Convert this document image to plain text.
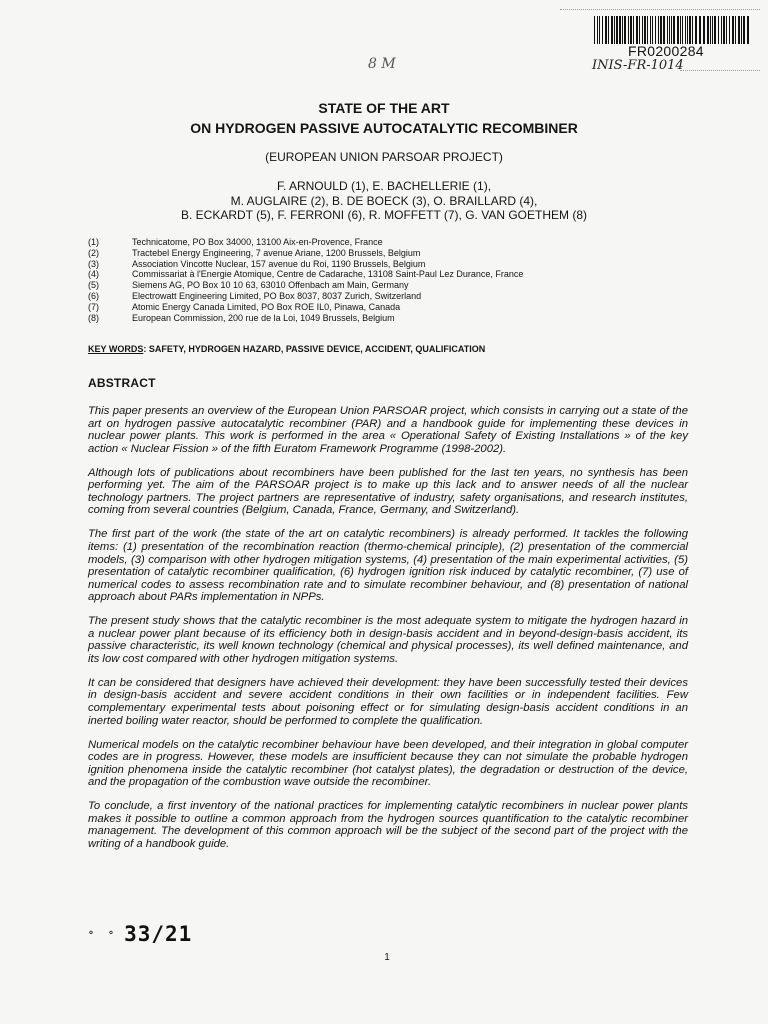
FR0200284
INIS-FR-1014
8 M
STATE OF THE ART
ON HYDROGEN PASSIVE AUTOCATALYTIC RECOMBINER
(EUROPEAN UNION PARSOAR PROJECT)
F. ARNOULD (1), E. BACHELLERIE (1),
M. AUGLAIRE (2), B. DE BOECK (3), O. BRAILLARD (4),
B. ECKARDT (5), F. FERRONI (6), R. MOFFETT (7), G. VAN GOETHEM (8)
(1)	Technicatome, PO Box 34000, 13100 Aix-en-Provence, France
(2)	Tractebel Energy Engineering, 7 avenue Ariane, 1200 Brussels, Belgium
(3)	Association Vincotte Nuclear, 157 avenue du Roi, 1190 Brussels, Belgium
(4)	Commissariat à l'Energie Atomique, Centre de Cadarache, 13108 Saint-Paul Lez Durance, France
(5)	Siemens AG, PO Box 10 10 63, 63010 Offenbach am Main, Germany
(6)	Electrowatt Engineering Limited, PO Box 8037, 8037 Zurich, Switzerland
(7)	Atomic Energy Canada Limited, PO Box ROE IL0, Pinawa, Canada
(8)	European Commission, 200 rue de la Loi, 1049 Brussels, Belgium
KEY WORDS: SAFETY, HYDROGEN HAZARD, PASSIVE DEVICE, ACCIDENT, QUALIFICATION
ABSTRACT

This paper presents an overview of the European Union PARSOAR project, which consists in carrying out a state of the art on hydrogen passive autocatalytic recombiner (PAR) and a handbook guide for implementing these devices in nuclear power plants. This work is performed in the area « Operational Safety of Existing Installations » of the key action « Nuclear Fission » of the fifth Euratom Framework Programme (1998-2002).

Although lots of publications about recombiners have been published for the last ten years, no synthesis has been performing yet. The aim of the PARSOAR project is to make up this lack and to answer needs of all the nuclear technology partners. The project partners are representative of industry, safety organisations, and research institutes, coming from several countries (Belgium, Canada, France, Germany, and Switzerland).

The first part of the work (the state of the art on catalytic recombiners) is already performed. It tackles the following items: (1) presentation of the recombination reaction (thermo-chemical principle), (2) presentation of the commercial models, (3) comparison with other hydrogen mitigation systems, (4) presentation of the main experimental activities, (5) presentation of catalytic recombiner qualification, (6) hydrogen ignition risk induced by catalytic recombiner, (7) use of numerical codes to assess recombination rate and to simulate recombiner behaviour, and (8) presentation of national approach about PARs implementation in NPPs.

The present study shows that the catalytic recombiner is the most adequate system to mitigate the hydrogen hazard in a nuclear power plant because of its efficiency both in design-basis accident and in beyond-design-basis accident, its passive characteristic, its well known technology (chemical and physical processes), its well defined maintenance, and its low cost compared with other hydrogen mitigation systems.

It can be considered that designers have achieved their development: they have been successfully tested their devices in design-basis accident and severe accident conditions in their own facilities or in independent facilities. Few complementary experimental tests about poisoning effect or for simulating design-basis accident conditions in an inerted boiling water reactor, should be performed to complete the qualification.

Numerical models on the catalytic recombiner behaviour have been developed, and their integration in global computer codes are in progress. However, these models are insufficient because they can not simulate the probable hydrogen ignition phenomena inside the catalytic recombiner (hot catalyst plates), the degradation or destruction of the device, and the propagation of the combustion wave outside the recombiner.

To conclude, a first inventory of the national practices for implementing catalytic recombiners in nuclear power plants makes it possible to outline a common approach from the hydrogen sources quantification to the catalytic recombiner management. The development of this common approach will be the subject of the second part of the project with the writing of a handbook guide.

° ° 33/21
1
